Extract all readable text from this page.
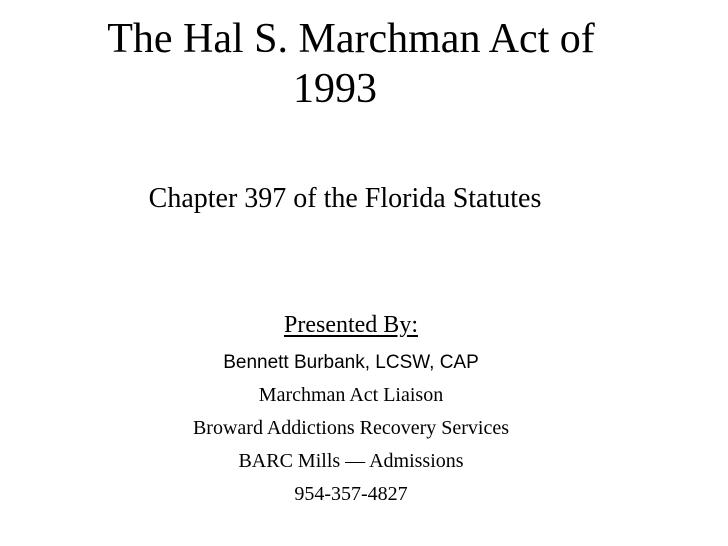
The Hal S. Marchman Act of
1993
Chapter 397 of the Florida Statutes
Presented By:
Bennett Burbank, LCSW, CAP
Marchman Act Liaison
Broward Addictions Recovery Services
BARC Mills — Admissions
954-357-4827
